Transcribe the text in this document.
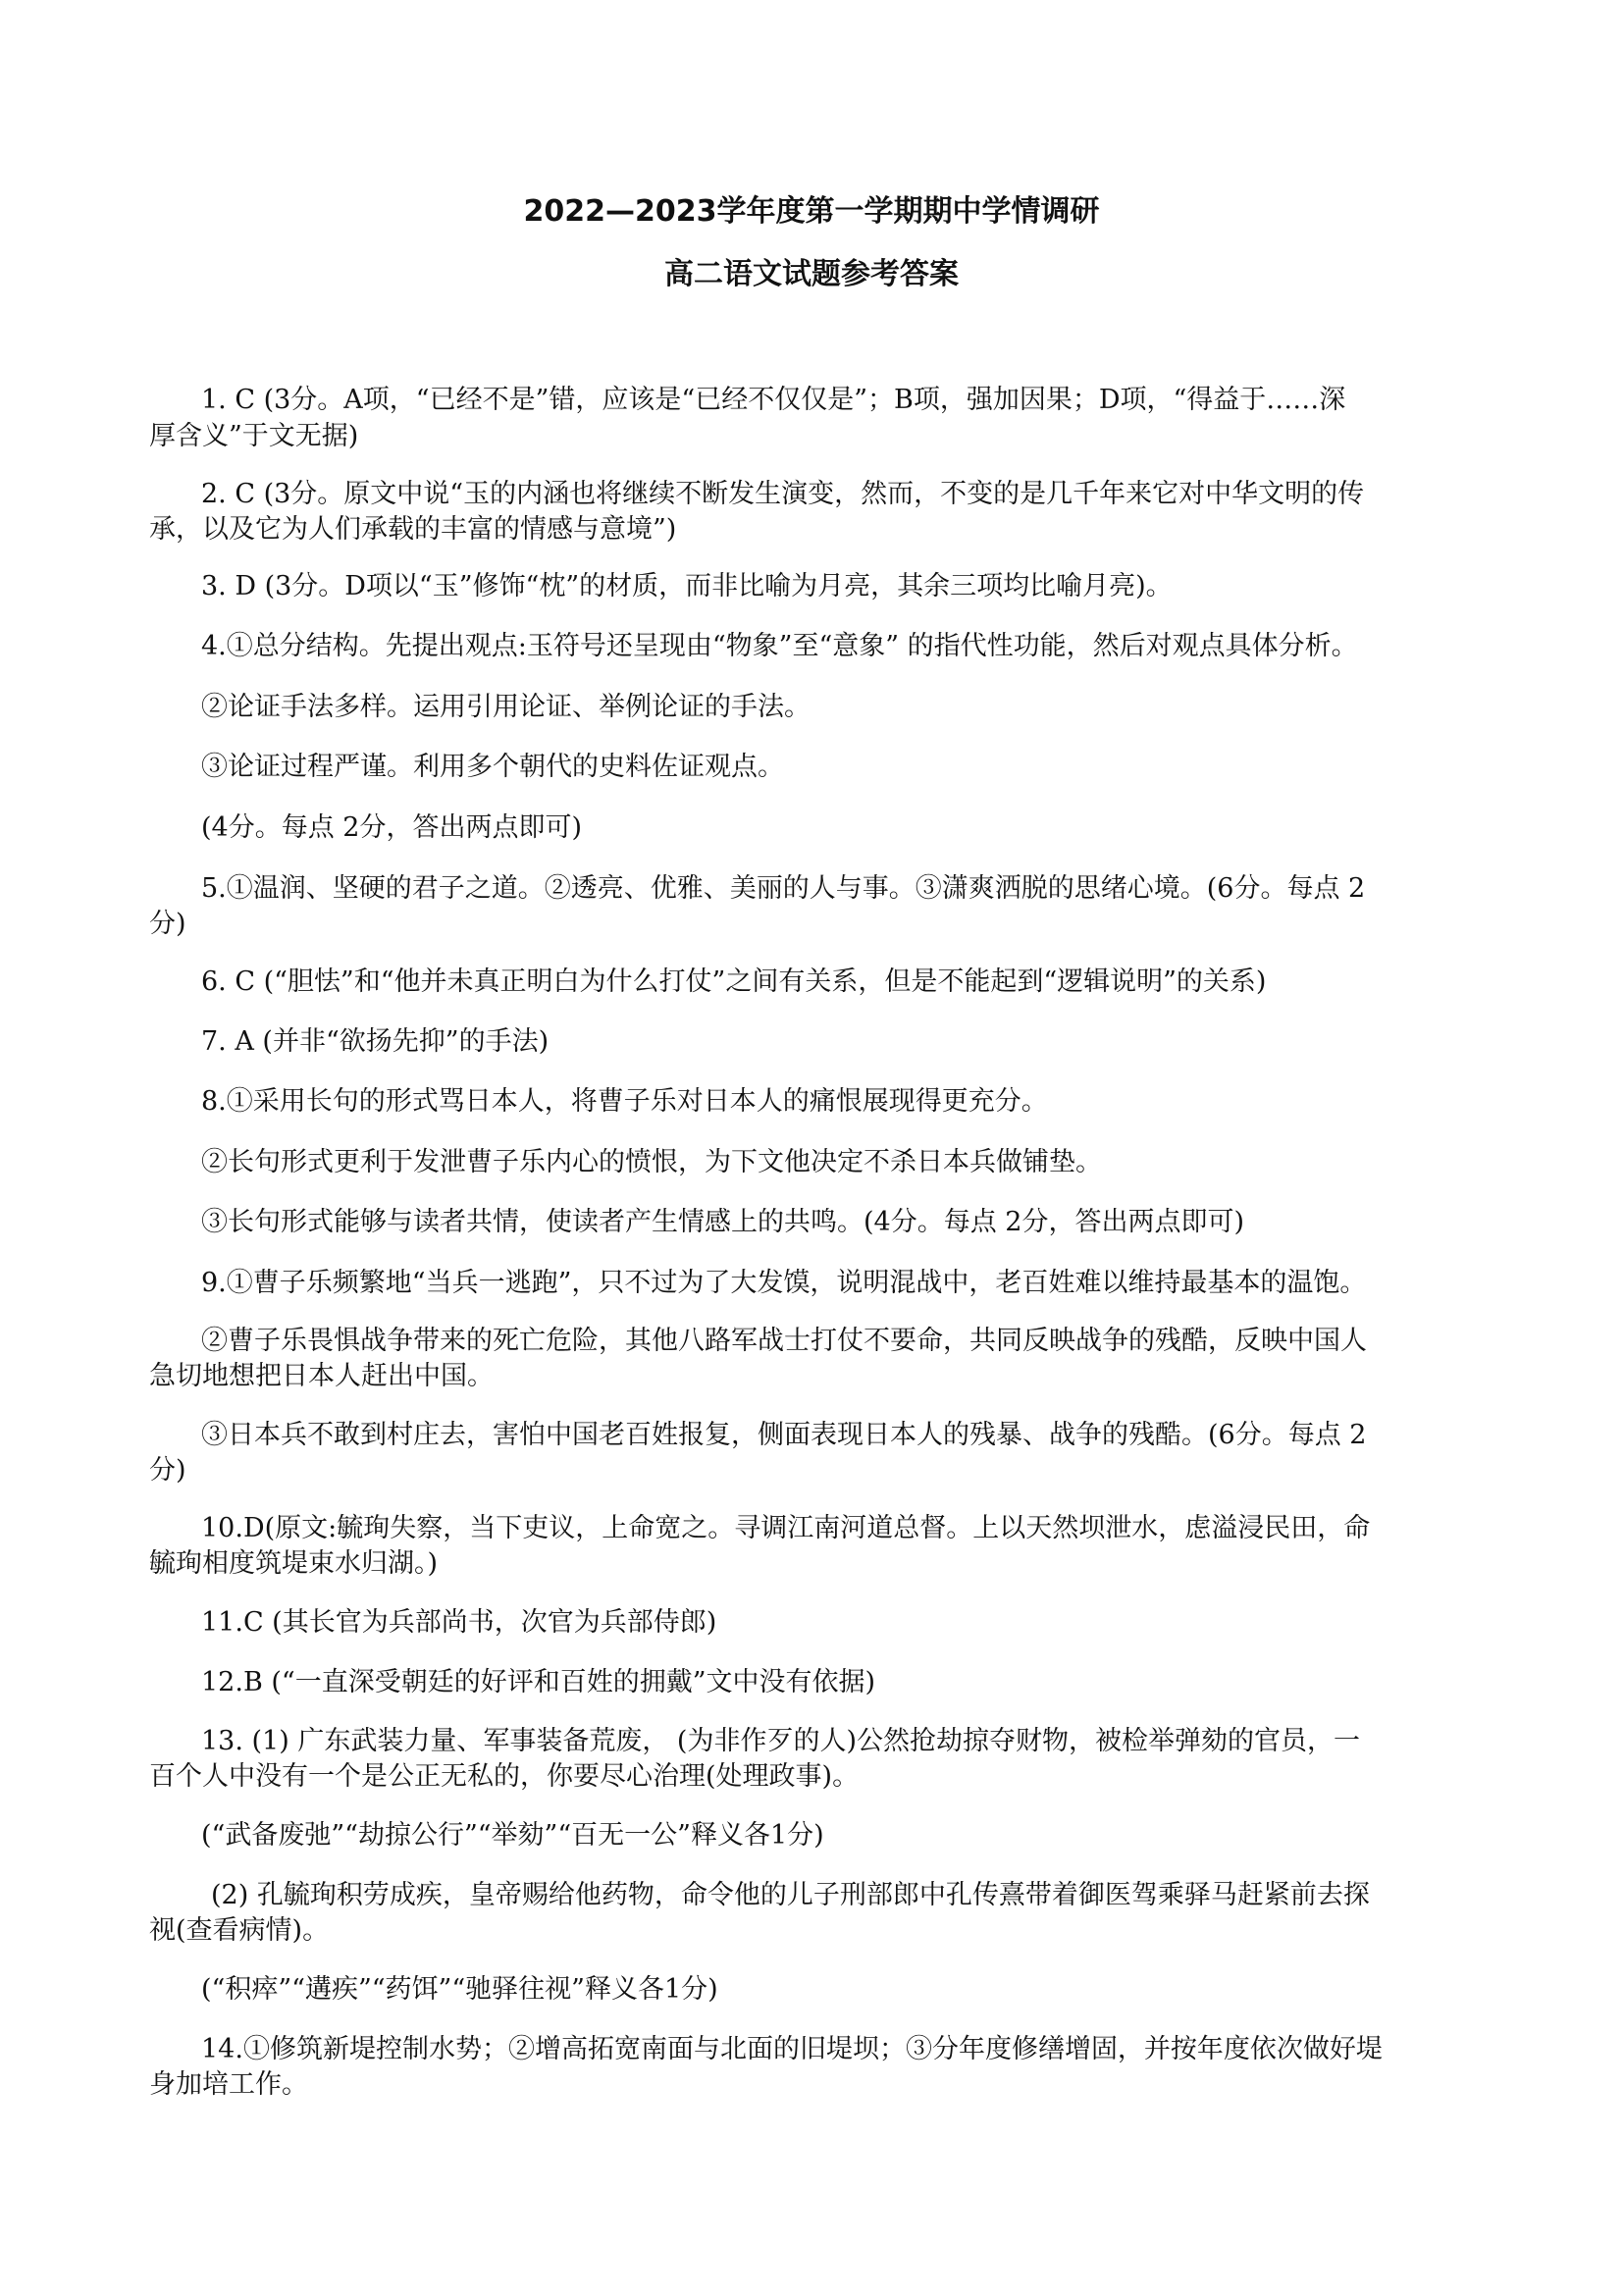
2022—2023学年度第一学期期中学情调研
高二语文试题参考答案
1. C (3分。A项，“已经不是”错，应该是“已经不仅仅是”；B项，强加因果；D项，“得益于……深
厚含义”于文无据)
2. C (3分。原文中说“玉的内涵也将继续不断发生演变，然而，不变的是几千年来它对中华文明的传
承，以及它为人们承载的丰富的情感与意境”)
3. D (3分。D项以“玉”修饰“枕”的材质，而非比喻为月亮，其余三项均比喻月亮)。
4.①总分结构。先提出观点:玉符号还呈现由“物象”至“意象” 的指代性功能，然后对观点具体分析。
②论证手法多样。运用引用论证、举例论证的手法。
③论证过程严谨。利用多个朝代的史料佐证观点。
(4分。每点 2分，答出两点即可)
5.①温润、坚硬的君子之道。②透亮、优雅、美丽的人与事。③潇爽洒脱的思绪心境。(6分。每点 2
分)
6. C (“胆怯”和“他并未真正明白为什么打仗”之间有关系，但是不能起到“逻辑说明”的关系)
7. A (并非“欲扬先抑”的手法)
8.①采用长句的形式骂日本人，将曹子乐对日本人的痛恨展现得更充分。
②长句形式更利于发泄曹子乐内心的愤恨，为下文他决定不杀日本兵做铺垫。
③长句形式能够与读者共情，使读者产生情感上的共鸣。(4分。每点 2分，答出两点即可)
9.①曹子乐频繁地“当兵一逃跑”，只不过为了大发馍，说明混战中，老百姓难以维持最基本的温饱。
②曹子乐畏惧战争带来的死亡危险，其他八路军战士打仗不要命，共同反映战争的残酷，反映中国人
急切地想把日本人赶出中国。
③日本兵不敢到村庄去，害怕中国老百姓报复，侧面表现日本人的残暴、战争的残酷。(6分。每点 2
分)
10.D(原文:毓珣失察，当下吏议，上命宽之。寻调江南河道总督。上以天然坝泄水，虑溢浸民田，命
毓珣相度筑堤束水归湖。)
11.C (其长官为兵部尚书，次官为兵部侍郎)
12.B (“一直深受朝廷的好评和百姓的拥戴”文中没有依据)
13. (1) 广东武装力量、军事装备荒废， (为非作歹的人)公然抢劫掠夺财物，被检举弹劾的官员，一
百个人中没有一个是公正无私的，你要尽心治理(处理政事)。
(“武备废弛”“劫掠公行”“举劾”“百无一公”释义各1分)
(2) 孔毓珣积劳成疾，皇帝赐给他药物，命令他的儿子刑部郎中孔传熹带着御医驾乘驿马赶紧前去探
视(查看病情)。
(“积瘁”“遘疾”“药饵”“驰驿往视”释义各1分)
14.①修筑新堤控制水势；②增高拓宽南面与北面的旧堤坝；③分年度修缮增固，并按年度依次做好堤
身加培工作。
